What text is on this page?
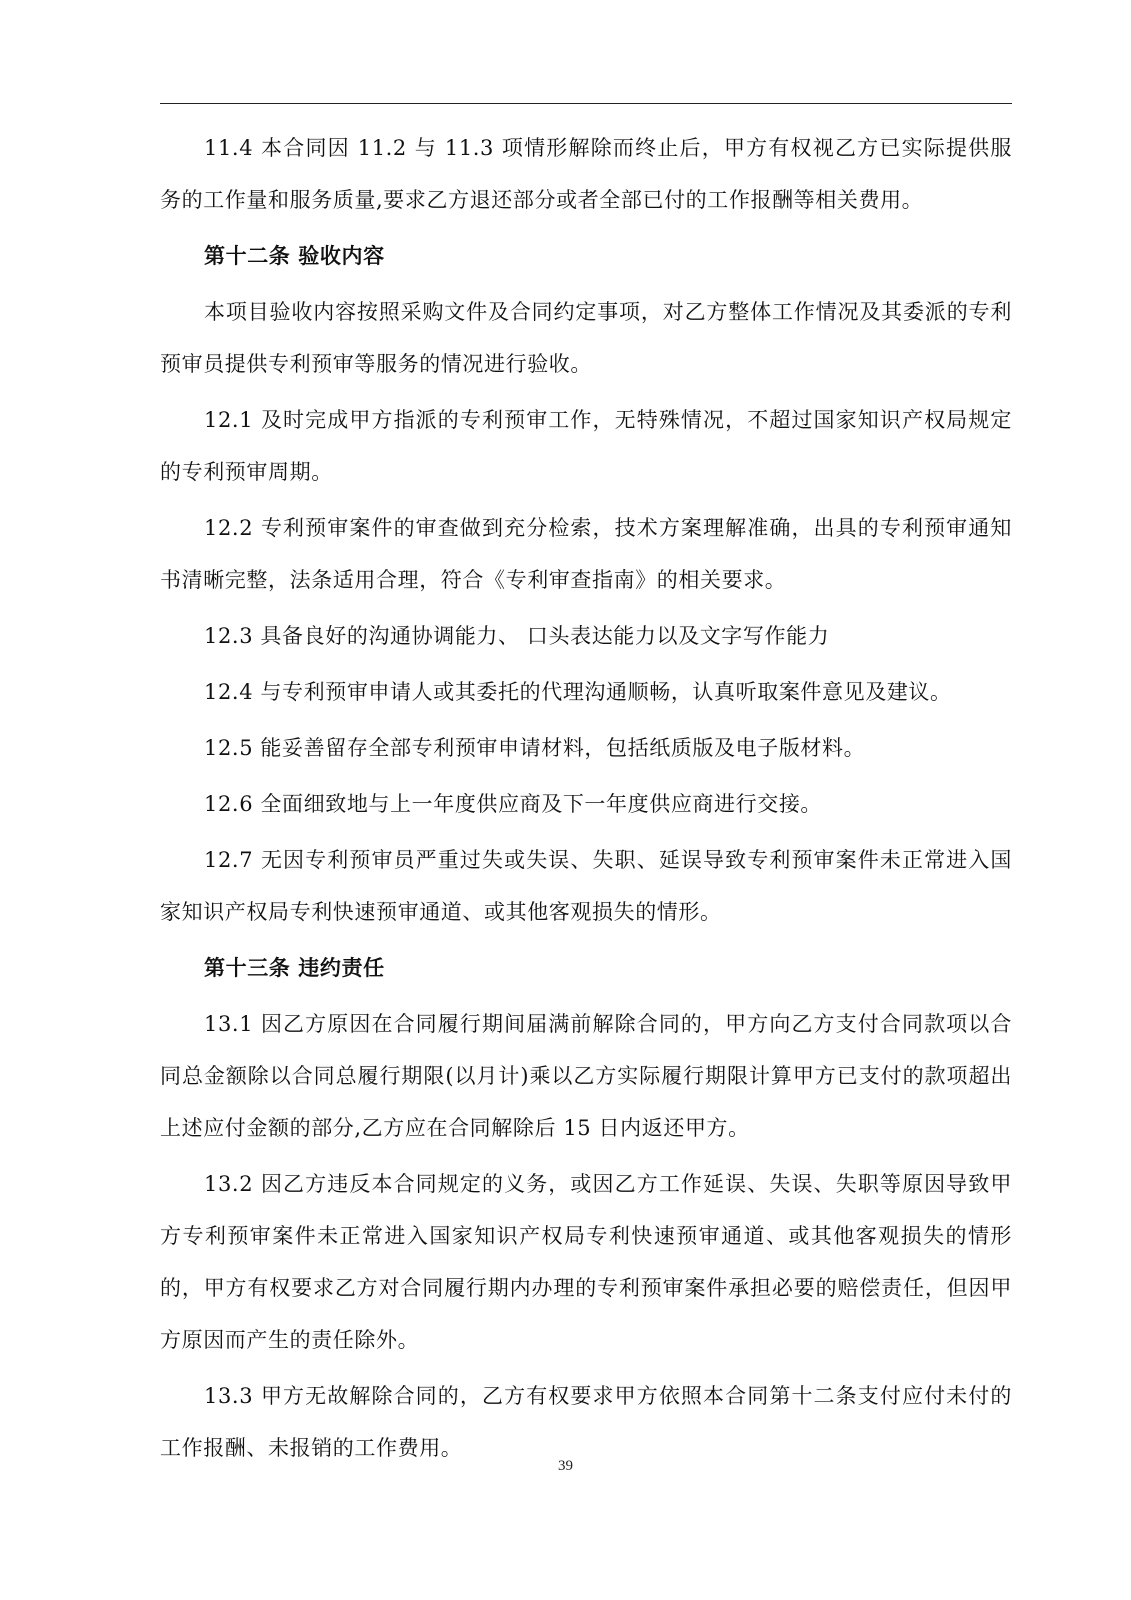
11.4 本合同因 11.2 与 11.3 项情形解除而终止后，甲方有权视乙方已实际提供服务的工作量和服务质量,要求乙方退还部分或者全部已付的工作报酬等相关费用。

第十二条 验收内容

本项目验收内容按照采购文件及合同约定事项，对乙方整体工作情况及其委派的专利预审员提供专利预审等服务的情况进行验收。

12.1 及时完成甲方指派的专利预审工作，无特殊情况，不超过国家知识产权局规定的专利预审周期。

12.2 专利预审案件的审查做到充分检索，技术方案理解准确，出具的专利预审通知书清晰完整，法条适用合理，符合《专利审查指南》的相关要求。

12.3 具备良好的沟通协调能力、 口头表达能力以及文字写作能力

12.4 与专利预审申请人或其委托的代理沟通顺畅，认真听取案件意见及建议。

12.5 能妥善留存全部专利预审申请材料，包括纸质版及电子版材料。

12.6 全面细致地与上一年度供应商及下一年度供应商进行交接。

12.7 无因专利预审员严重过失或失误、失职、延误导致专利预审案件未正常进入国家知识产权局专利快速预审通道、或其他客观损失的情形。

第十三条 违约责任

13.1 因乙方原因在合同履行期间届满前解除合同的，甲方向乙方支付合同款项以合同总金额除以合同总履行期限(以月计)乘以乙方实际履行期限计算甲方已支付的款项超出上述应付金额的部分,乙方应在合同解除后 15 日内返还甲方。

13.2 因乙方违反本合同规定的义务，或因乙方工作延误、失误、失职等原因导致甲方专利预审案件未正常进入国家知识产权局专利快速预审通道、或其他客观损失的情形的，甲方有权要求乙方对合同履行期内办理的专利预审案件承担必要的赔偿责任，但因甲方原因而产生的责任除外。

13.3 甲方无故解除合同的，乙方有权要求甲方依照本合同第十二条支付应付未付的工作报酬、未报销的工作费用。

39
